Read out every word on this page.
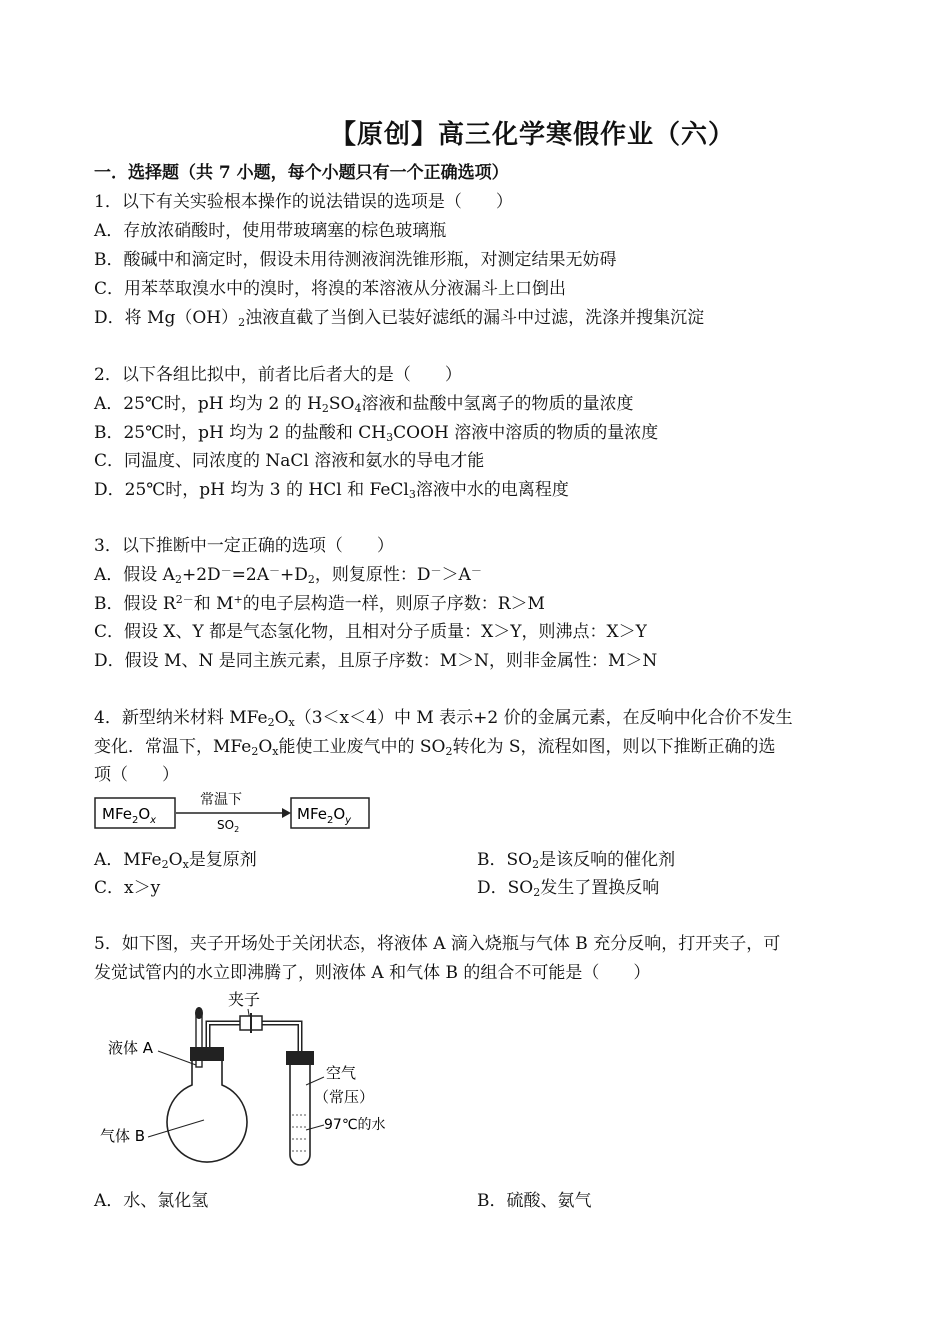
【原创】高三化学寒假作业（六）
一．选择题（共 7 小题，每个小题只有一个正确选项）
1．以下有关实验根本操作的说法错误的选项是（　　）
A．存放浓硝酸时，使用带玻璃塞的棕色玻璃瓶
B．酸碱中和滴定时，假设未用待测液润洗锥形瓶，对测定结果无妨碍
C．用苯萃取溴水中的溴时，将溴的苯溶液从分液漏斗上口倒出
D．将 $Mg(OH)_2$浊液直截了当倒入已装好滤纸的漏斗中过滤，洗涤并搜集沉淀
2．以下各组比拟中，前者比后者大的是（　　）
A．25℃时，pH 均为 2 的 $H_2SO_4$溶液和盐酸中氢离子的物质的量浓度
B．25℃时，pH 均为 2 的盐酸和 $CH_3COOH$ 溶液中溶质的物质的量浓度
C．同温度、同浓度的 NaCl 溶液和氨水的导电才能
D．25℃时，pH 均为 3 的 HCl 和 FeCl$_3$溶液中水的电离程度
3．以下推断中一定正确的选项（　　）
A．假设 $A_2+2D^-=2A^-+D_2$，则复原性：D－＞A－
B．假设 $R^{2-}$和 M+的电子层构造一样，则原子序数：R＞M
C．假设 X、Y 都是气态氢化物，且相对分子质量：X＞Y，则沸点：X＞Y
D．假设 M、N 是同主族元素，且原子序数：M＞N，则非金属性：M＞N
4．新型纳米材料 $MFe_2O_x(3<x<4)$中 M 表示+2 价的金属元素，在反响中化合价不发生
变化．常温下，$MFe_2O_x$能使工业废气中的 $SO_2$转化为 S，流程如图，则以下推断正确的选
项（　　）
$MFe_2O_x$
常温下
$SO_2$
$MFe_2O_y$
A．$MFe_2O_x$是复原剂	B．$SO_2$是该反响的催化剂
C．x＞y	D．$SO_2$发生了置换反响
5．如下图，夹子开场处于关闭状态，将液体 A 滴入烧瓶与气体 B 充分反响，打开夹子，可
发觉试管内的水立即沸腾了，则液体 A 和气体 B 的组合不可能是（　　）
夹子
液体 A
气体 B
空气
（常压）
97℃的水
A．水、氯化氢	B．硫酸、氨气
